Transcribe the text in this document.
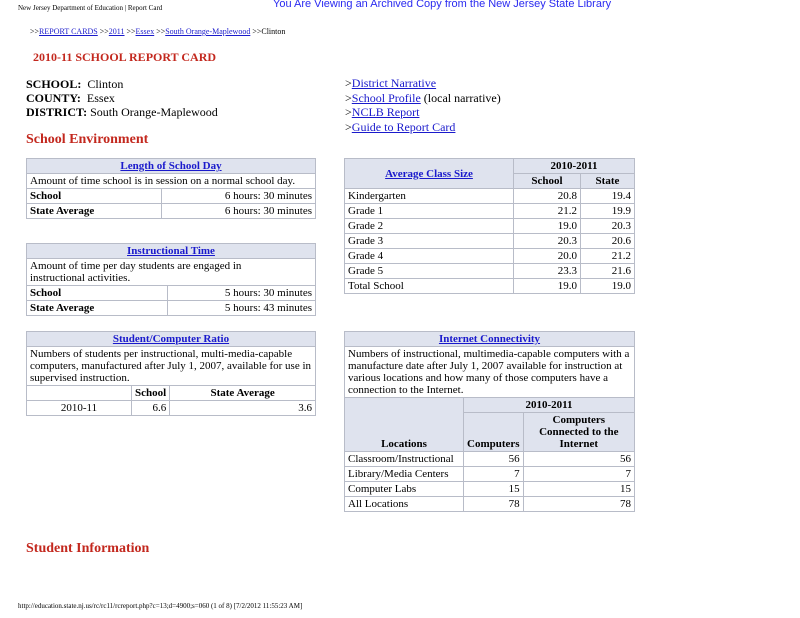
New Jersey Department of Education | Report Card	You Are Viewing an Archived Copy from the New Jersey State Library
>>REPORT CARDS >>2011 >>Essex >>South Orange-Maplewood >>Clinton
2010-11 SCHOOL REPORT CARD
SCHOOL: Clinton
COUNTY: Essex
DISTRICT: South Orange-Maplewood
>District Narrative
>School Profile (local narrative)
>NCLB Report
>Guide to Report Card
School Environment
Length of School Day	
Amount of time school is in session on a normal school day.	
School	6 hours: 30 minutes
State Average	6 hours: 30 minutes
Instructional Time	
Amount of time per day students are engaged in instructional activities.	
School	5 hours: 30 minutes
State Average	5 hours: 43 minutes
Student/Computer Ratio		
Numbers of students per instructional, multi-media-capable computers, manufactured after July 1, 2007, available for use in supervised instruction.		
	School	State Average
2010-11	6.6	3.6
Average Class Size	2010-2011	
	School	State
Kindergarten	20.8	19.4
Grade 1	21.2	19.9
Grade 2	19.0	20.3
Grade 3	20.3	20.6
Grade 4	20.0	21.2
Grade 5	23.3	21.6
Total School	19.0	19.0
Internet Connectivity		
Numbers of instructional, multimedia-capable computers with a manufacture date after July 1, 2007 available for instruction at various locations and how many of those computers have a connection to the Internet.		
Locations	2010-2011	
	Computers	Computers Connected to the Internet
Classroom/Instructional	56	56
Library/Media Centers	7	7
Computer Labs	15	15
All Locations	78	78
Student Information
http://education.state.nj.us/rc/rc11/rcreport.php?c=13;d=4900;s=060 (1 of 8) [7/2/2012 11:55:23 AM]
